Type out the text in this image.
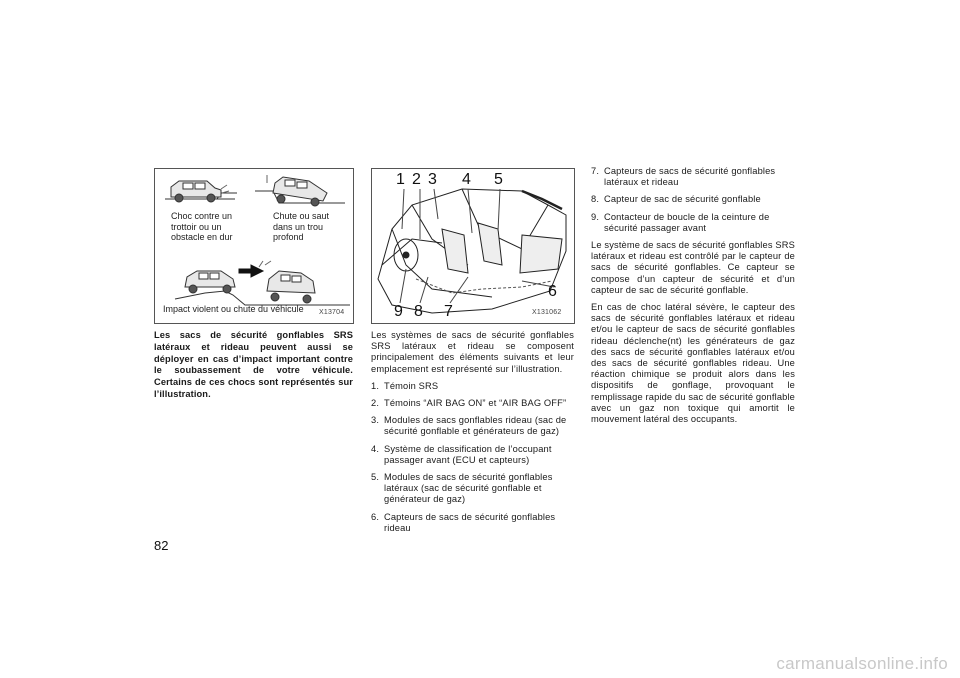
Choc contre un
trottoir ou un
obstacle en dur
Chute ou saut
dans un trou
profond
Impact violent ou chute du véhicule X13704
1 2 3 4 5
6
9 8 7	X131062
Les sacs de sécurité gonflables SRS latéraux et rideau peuvent aussi se déployer en cas d’impact important contre le soubassement de votre véhicule. Certains de ces chocs sont représentés sur l’illustration.

Les systèmes de sacs de sécurité gonflables SRS latéraux et rideau se composent principalement des éléments suivants et leur emplacement est représenté sur l’illustration.

1. Témoin SRS
2. Témoins “AIR BAG ON” et “AIR BAG OFF”
3. Modules de sacs gonflables rideau (sac de sécurité gonflable et générateurs de gaz)
4. Système de classification de l’occupant passager avant (ECU et capteurs)
5. Modules de sacs de sécurité gonflables latéraux (sac de sécurité gonflable et générateur de gaz)
6. Capteurs de sacs de sécurité gonflables rideau
7. Capteurs de sacs de sécurité gonflables latéraux et rideau
8. Capteur de sac de sécurité gonflable
9. Contacteur de boucle de la ceinture de sécurité passager avant

Le système de sacs de sécurité gonflables SRS latéraux et rideau est contrôlé par le capteur de sacs de sécurité gonflables. Ce capteur se compose d’un capteur de sécurité et d’un capteur de sac de sécurité gonflable.

En cas de choc latéral sévère, le capteur des sacs de sécurité gonflables latéraux et rideau et/ou le capteur de sacs de sécurité gonflables rideau déclenche(nt) les générateurs de gaz des sacs de sécurité gonflables latéraux et/ou des sacs de sécurité gonflables rideau. Une réaction chimique se produit alors dans les dispositifs de gonflage, provoquant le remplissage rapide du sac de sécurité gonflable avec un gaz non toxique qui amortit le mouvement latéral des occupants.

82
carmanualsonline.info
